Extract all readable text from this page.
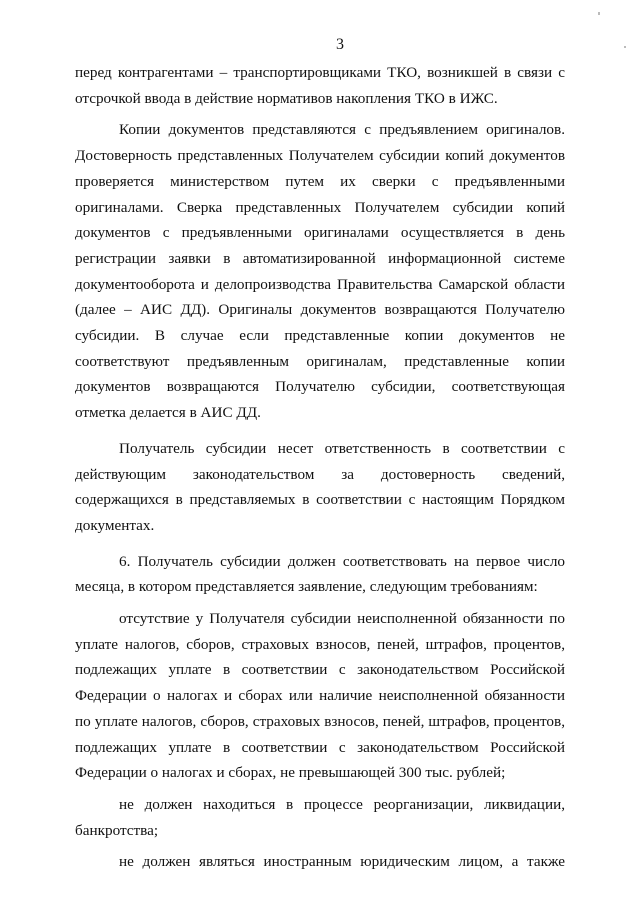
3
перед контрагентами – транспортировщиками ТКО, возникшей в связи с
отсрочкой ввода в действие нормативов накопления ТКО в ИЖС.
Копии документов представляются с предъявлением оригиналов.
Достоверность представленных Получателем субсидии копий документов
проверяется министерством путем их сверки с предъявленными
оригиналами. Сверка представленных Получателем субсидии копий
документов с предъявленными оригиналами осуществляется в день
регистрации заявки в автоматизированной информационной системе
документооборота и делопроизводства Правительства Самарской области
(далее – АИС ДД). Оригиналы документов возвращаются Получателю
субсидии. В случае если представленные копии документов не
соответствуют предъявленным оригиналам, представленные копии
документов возвращаются Получателю субсидии, соответствующая
отметка делается в АИС ДД.
Получатель субсидии несет ответственность в соответствии с
действующим законодательством за достоверность сведений,
содержащихся в представляемых в соответствии с настоящим Порядком
документах.
6. Получатель субсидии должен соответствовать на первое число
месяца, в котором представляется заявление, следующим требованиям:
отсутствие у Получателя субсидии неисполненной обязанности по
уплате налогов, сборов, страховых взносов, пеней, штрафов, процентов,
подлежащих уплате в соответствии с законодательством Российской
Федерации о налогах и сборах или наличие неисполненной обязанности
по уплате налогов, сборов, страховых взносов, пеней, штрафов, процентов,
подлежащих уплате в соответствии с законодательством Российской
Федерации о налогах и сборах, не превышающей 300 тыс. рублей;
не должен находиться в процессе реорганизации, ликвидации,
банкротства;
не должен являться иностранным юридическим лицом, а также
